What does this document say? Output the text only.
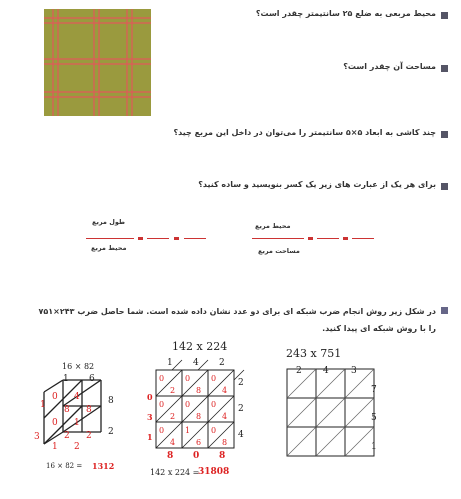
محیط مربعی به ضلع ۲۵ سانتیمتر چقدر است؟
مساحت آن چقدر است؟
چند کاشی به ابعاد ۵×۵ سانتیمتر را می‌توان در داخل این مربع چید؟
برای هر یک از عبارت های زیر یک کسر بنویسید و ساده کنید؟
محیط مربع
مساحت مربع
طول مربع
محیط مربع
در شکل زیر روش انجام ضرب شبکه ای برای دو عدد نشان داده شده است. شما حاصل ضرب ۲۴۳×۷۵۱ را با روش شبکه ای پیدا کنید.
16 × 82
1 6
8
2
0
8
4
8
0
2
1
2
1
3
1 2
16 × 82 = 1312
142 x 224
1 4 2
2
2
4
0
3
1
0
2
0
8
0
4
0
2
0
8
0
4
0
4
1
6
0
8
8 0 8
142 x 224 =
31808
243 x 751
2 4 3
7
5
1
